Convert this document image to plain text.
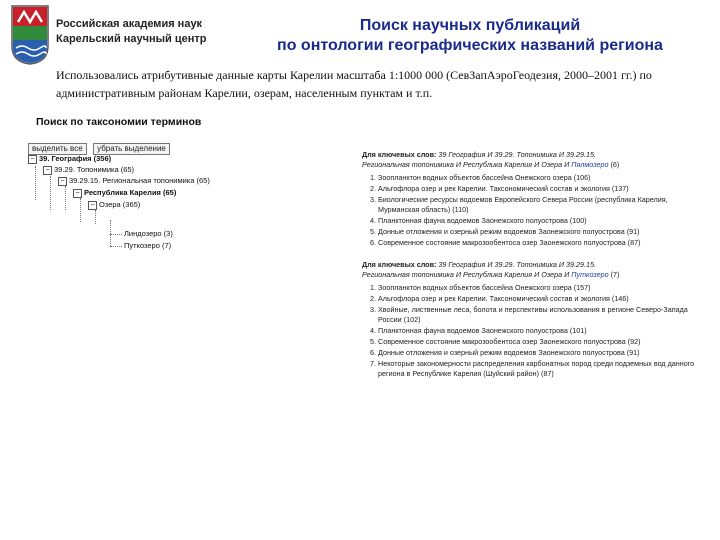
Российская академия наук
Карельский научный центр
Поиск научных публикаций
по онтологии географических названий региона
Использовались атрибутивные данные карты Карелии масштаба 1:1000 000 (СевЗапАэроГеодезия, 2000–2001 гг.) по административным районам Карелии, озерам, населенным пунктам и т.п.
Поиск по таксономии терминов
выделить все убрать выделение
− 39. География (356)
− 39.29. Топонимика (65)
− 39.29.15. Региональная топонимика (65)
− Республика Карелия (65)
− Озера (365)
Линдозеро (3)
Путкозеро (7)
Для ключевых слов: 39 География И 39.29. Топонимика И 39.29.15.
Региональная топонимика И Республика Карелия И Озера И Пялмозеро (6)
1. Зоопланктон водных объектов бассейна Онежского озера (106)
2. Альгофлора озер и рек Карелии. Таксономический состав и экология (137)
3. Биологические ресурсы водоемов Европейского Севера России (республика Карелия, Мурманская область) (110)
4. Планктонная фауна водоемов Заонежского полуострова (100)
5. Донные отложения и озерный режим водоемов Заонежского полуострова (91)
6. Современное состояние макрозообентоса озер Заонежского полуострова (87)
Для ключевых слов: 39 География И 39.29. Топонимика И 39.29.15.
Региональная топонимика И Республика Карелия И Озера И Путкозеро (7)
1. Зоопланктон водных объектов бассейна Онежского озера (157)
2. Альгофлора озер и рек Карелии. Таксономический состав и экология (146)
3. Хвойные, лиственные леса, болота и перспективы использования в регионе Северо-Запада России (102)
4. Планктонная фауна водоемов Заонежского полуострова (101)
5. Современное состояние макрозообентоса озер Заонежского полуострова (92)
6. Донные отложения и озерный режим водоемов Заонежского полуострова (91)
7. Некоторые закономерности распределения карбонатных пород среди подземных вод данного региона в Республике Карелия (Шуйский район) (87)
